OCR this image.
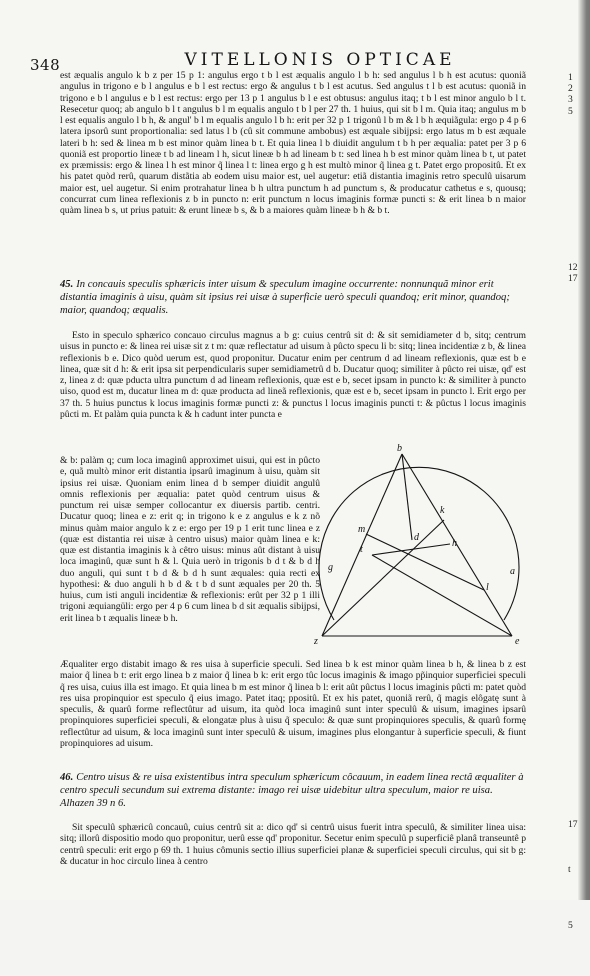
348	VITELLONIS OPTICAE

est æqualis angulo k b z per 15 p 1: angulus ergo t b l est æqualis angulo l b h: sed angulus l b h est acutus: quoniã angulus in trigono e b l angulus e b l est rectus: ergo & angulus t b l est acutus. Sed angulus t l b est acutus: quoniã in trigono e b l angulus e b l est rectus: ergo per 13 p 1 angulus b l e est obtusus: angulus itaq; t b l est minor angulo b l t. Resecetur quoq; ab angulo b l t angulus b l m equalis angulo t b l per 27 th. 1 huius, qui sit b l m. Quia itaq; angulus m b l est equalis angulo l b h, & angul' b l m equalis angulo l b h: erit per 32 p 1 trigonû l b m & l b h æquiãgula: ergo p 4 p 6 latera ipsorû sunt proportionalia: sed latus l b (cû sit commune ambobus) est æquale sibijpsi: ergo latus m b est æquale lateri b h: sed & linea m b est minor quàm linea b t. Et quia linea l b diuidit angulum t b h per æqualia: patet per 3 p 6 quoniã est proportio lineæ t b ad lineam l h, sicut lineæ b h ad lineam b t: sed linea h b est minor quàm linea b t, ut patet ex præmissis: ergo & linea l h est minor q̃ linea l t: linea ergo g h est multò minor q̃ linea g t. Patet ergo propositû. Et ex his patet quòd rerû, quarum distãtia ab eodem uisu maior est, uel augetur: etiã distantia imaginis retro speculû uisarum maior est, uel augetur. Si enim protrahatur linea b h ultra punctum h ad punctum s, & producatur cathetus e s, quousq; concurrat cum linea reflexionis z b in puncto n: erit punctum n locus imaginis formæ puncti s: & erit linea b n maior quàm linea b s, ut prius patuit: & erunt lineæ b s, & b a maiores quàm lineæ b h & b t.

45. In concauis speculis sphæricis inter uisum & speculum imagine occurrente: nonnunquã minor erit distantia imaginis à uisu, quàm sit ipsius rei uisæ à superficie uerò speculi quandoq; erit minor, quandoq; maior, quandoq; æqualis.

Esto in speculo sphærico concauo circulus magnus a b g: cuius centrû sit d: & sit semidiameter d b, sitq; centrum uisus in puncto e: & linea rei uisæ sit z t m: quæ reflectatur ad uisum à pûcto specu li b: sitq; linea incidentiæ z b, & linea reflexionis b e. Dico quòd uerum est, quod proponitur. Ducatur enim per centrum d ad lineam reflexionis, quæ est b e linea, quæ sit d h: & erit ipsa sit perpendicularis super semidiametrû d b. Ducatur quoq; similiter à pûcto rei uisæ, qd' est z, linea z d: quæ pducta ultra punctum d ad lineam reflexionis, quæ est e b, secet ipsam in puncto k: & similiter à puncto uiso, quod est m, ducatur linea m d: quæ producta ad lineã reflexionis, quæ est e b, secet ipsam in puncto l. Erit ergo per 37 th. 5 huius punctus k locus imaginis formæ puncti z: & punctus l locus imaginis puncti t: & pûctus l locus imaginis pûcti m. Et palàm quia puncta k & h cadunt inter puncta e

& b: palàm q; cum loca imaginû approximet uisui, qui est in pûcto e, quã multò minor erit distantia ipsarû imaginum à uisu, quàm sit ipsius rei uisæ. Quoniam enim linea d b semper diuidit angulû omnis reflexionis per æqualia: patet quòd centrum uisus & punctum rei uisæ semper collocantur ex diuersis partib. centri. Ducatur quoq; linea e z: erit q; in trigono k e z angulus e k z nõ minus quàm maior angulo k z e: ergo per 19 p 1 erit tunc linea e z (quæ est distantia rei uisæ à centro uisus) maior quàm linea e k: quæ est distantia imaginis k à cêtro uisus: minus aût distant à uisu loca imaginû, quæ sunt h & l. Quia uerò in trigonis b d t & b d h duo anguli, qui sunt t b d & b d h sunt æquales: quia recti ex hypothesi: & duo anguli h b d & t b d sunt æquales per 20 th. 5 huius, cum isti anguli incidentiæ & reflexionis: erût per 32 p 1 illi trigoni æquiangüli: ergo per 4 p 6 cum linea b d sit æqualis sibijpsi, erit linea b t æqualis lineæ b h.

b
k
m
d
t
h
g	a
l
z	e

Æqualiter ergo distabit imago & res uisa à superficie speculi. Sed linea b k est minor quàm linea b h, & linea b z est maior q̃ linea b t: erit ergo linea b z maior q̃ linea b k: erit ergo tûc locus imaginis & imago pp̃inquior superficiei speculi q̃ res uisa, cuius illa est imago. Et quia linea b m est minor q̃ linea b l: erit aût pûctus l locus imaginis pûcti m: patet quòd res uisa propinquior est speculo q̃ eius imago. Patet itaq; ppositû. Et ex his patet, quoniã rerû, q̃ magis elôgatę sunt à speculis, & quarû forme reflectûtur ad uisum, ita quòd loca imaginû sunt inter speculû & uisum, imagines ipsarû propinquiores superficiei speculi, & elongatæ plus à uisu q̃ speculo: & quæ sunt propinquiores speculis, & quarû formę reflectûtur ad uisum, & loca imaginû sunt inter speculû & uisum, imagines plus elongantur à superficie speculi, & fiunt propinquiores ad uisum.

46. Centro uisus & re uisa existentibus intra speculum sphæricum côcauum, in eadem linea rectâ æqualiter à centro speculi secundum sui extrema distante: imago rei uisæ uidebitur ultra speculum, maior re uisa. Alhazen 39 n 6.

Sit speculû sphæricû concauû, cuius centrû sit a: dico qd' si centrû uisus fuerit intra speculû, & similiter linea uisa: sitq; illorû dispositio modo quo proponitur, uerû esse qd' proponitur. Secetur enim speculû p superficiê planâ transeuntê p centrû speculi: erit ergo p 69 th. 1 huius cômunis sectio illius superficiei planæ & superficiei speculi circulus, qui sit b g: & ducatur in hoc circulo linea à centro

1
2
3
5
12
17
17
t
5
